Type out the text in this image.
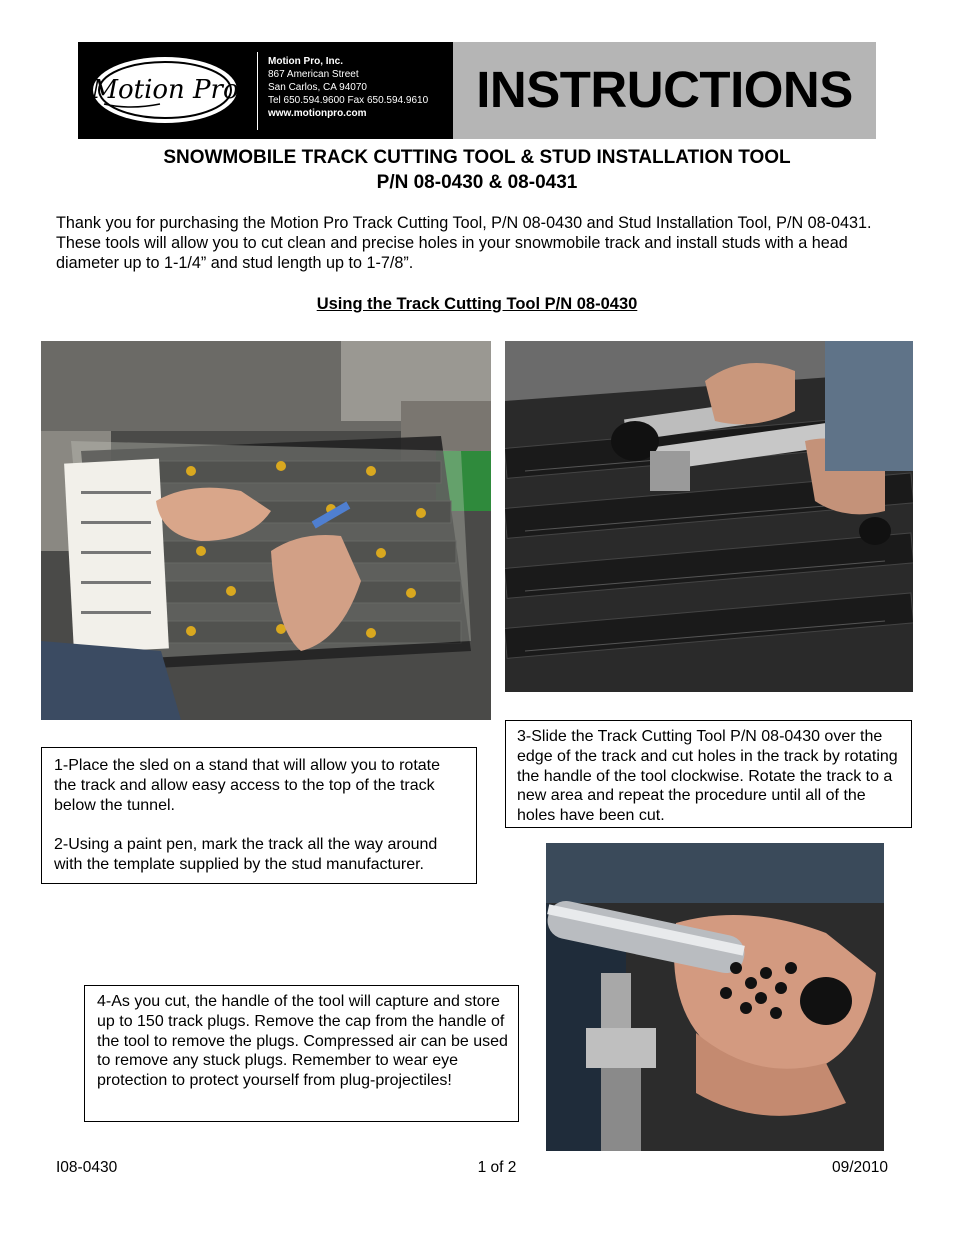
Motion Pro
Motion Pro, Inc.
867 American Street
San Carlos, CA 94070
Tel 650.594.9600 Fax 650.594.9610
www.motionpro.com	INSTRUCTIONS
SNOWMOBILE TRACK CUTTING TOOL & STUD INSTALLATION TOOL
P/N 08-0430 & 08-0431
Thank you for purchasing the Motion Pro Track Cutting Tool, P/N 08-0430 and Stud Installation Tool, P/N 08-0431. These tools will allow you to cut clean and precise holes in your snowmobile track and install studs with a head diameter up to 1-1/4” and stud length up to 1-7/8”.
Using the Track Cutting Tool P/N 08-0430

3-Slide the Track Cutting Tool P/N 08-0430 over the edge of the track and cut holes in the track by rotating the handle of the tool clockwise. Rotate the track to a new area and repeat the procedure until all of the holes have been cut.

1-Place the sled on a stand that will allow you to rotate the track and allow easy access to the top of the track below the tunnel.

2-Using a paint pen, mark the track all the way around with the template supplied by the stud manufacturer.

4-As you cut, the handle of the tool will capture and store up to 150 track plugs. Remove the cap from the handle of the tool to remove the plugs. Compressed air can be used to remove any stuck plugs. Remember to wear eye protection to protect yourself from plug-projectiles!

I08-0430	1 of 2	09/2010
